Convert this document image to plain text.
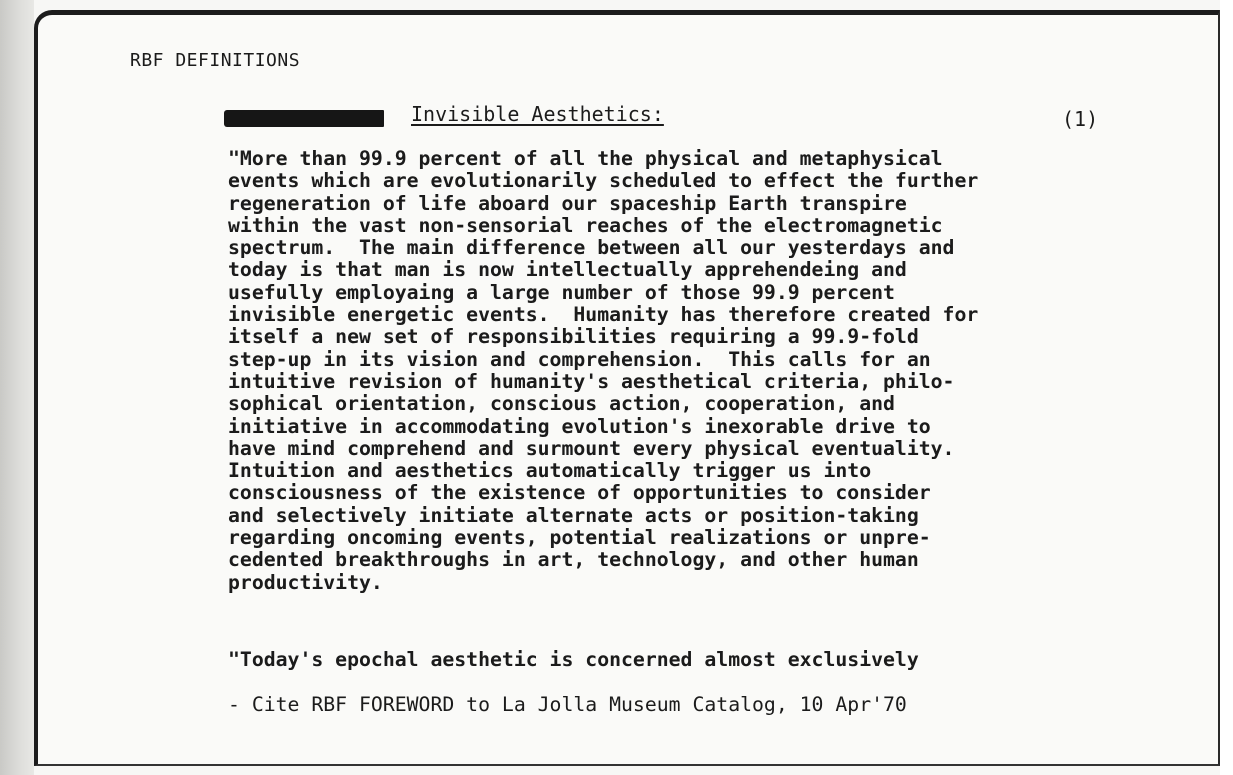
RBF DEFINITIONS
Invisible Aesthetics:	(1)
"More than 99.9 percent of all the physical and metaphysical
events which are evolutionarily scheduled to effect the further
regeneration of life aboard our spaceship Earth transpire
within the vast non-sensorial reaches of the electromagnetic
spectrum.  The main difference between all our yesterdays and
today is that man is now intellectually apprehendeing and
usefully employaing a large number of those 99.9 percent
invisible energetic events.  Humanity has therefore created for
itself a new set of responsibilities requiring a 99.9-fold
step-up in its vision and comprehension.  This calls for an
intuitive revision of humanity's aesthetical criteria, philo-
sophical orientation, conscious action, cooperation, and
initiative in accommodating evolution's inexorable drive to
have mind comprehend and surmount every physical eventuality.
Intuition and aesthetics automatically trigger us into
consciousness of the existence of opportunities to consider
and selectively initiate alternate acts or position-taking
regarding oncoming events, potential realizations or unpre-
cedented breakthroughs in art, technology, and other human
productivity.
"Today's epochal aesthetic is concerned almost exclusively
- Cite RBF FOREWORD to La Jolla Museum Catalog, 10 Apr'70
